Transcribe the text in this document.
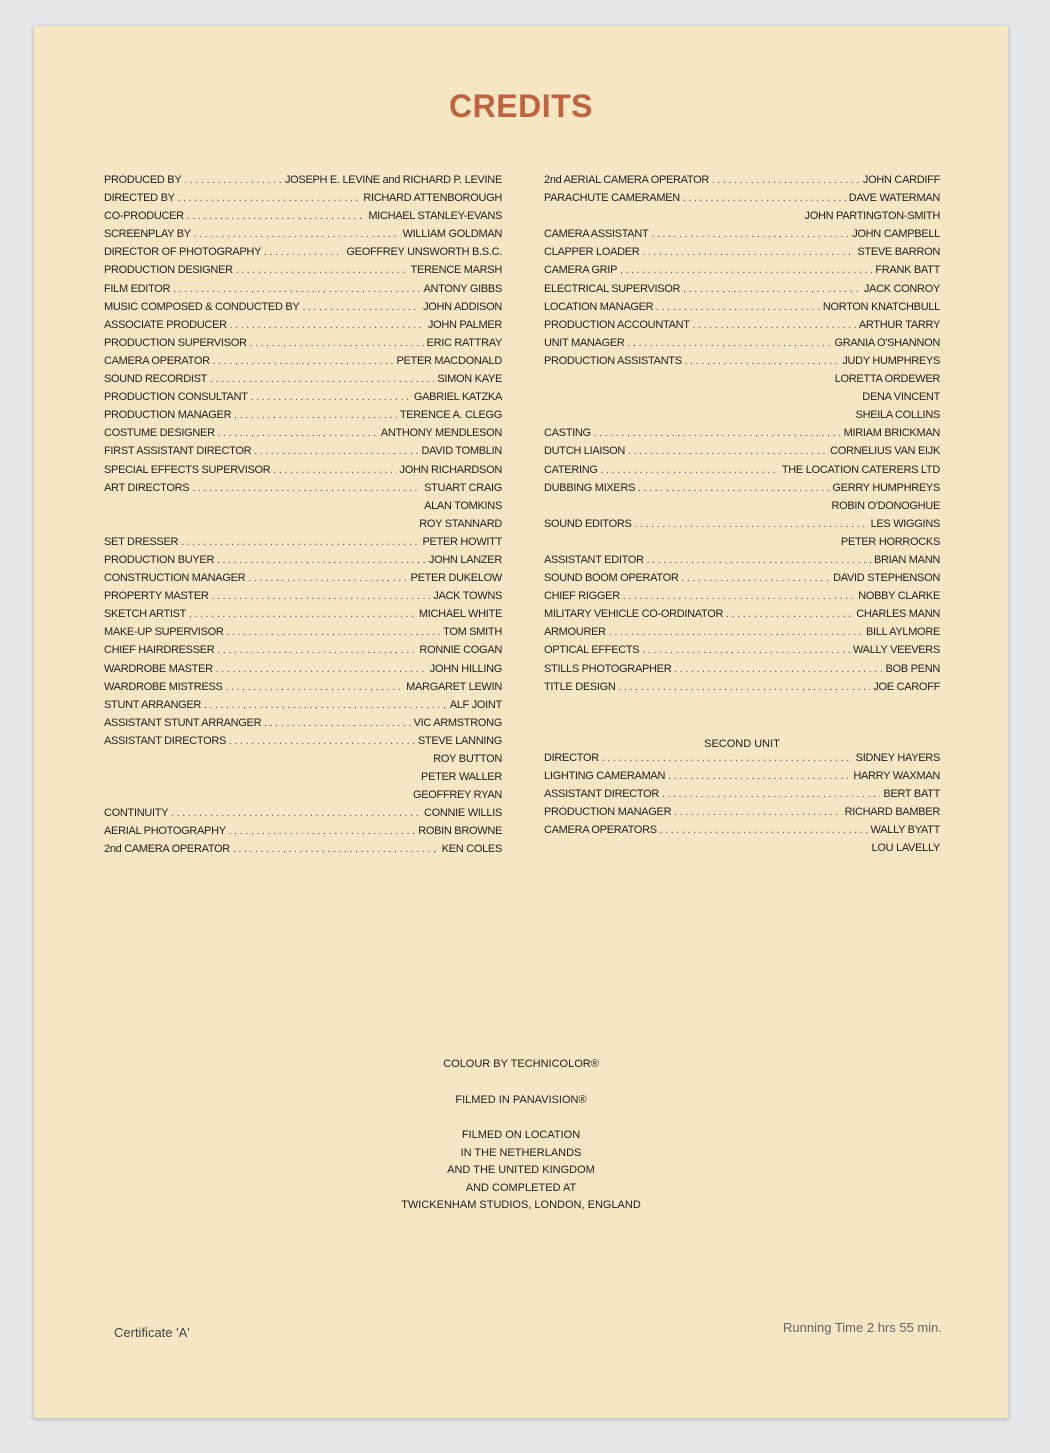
CREDITS
PRODUCED BY . . .	JOSEPH E. LEVINE and RICHARD P. LEVINE
DIRECTED BY . . .	RICHARD ATTENBOROUGH
CO-PRODUCER . . .	MICHAEL STANLEY-EVANS
SCREENPLAY BY . . .	WILLIAM GOLDMAN
DIRECTOR OF PHOTOGRAPHY . . .	GEOFFREY UNSWORTH B.S.C.
PRODUCTION DESIGNER . . .	TERENCE MARSH
FILM EDITOR . . .	ANTONY GIBBS
MUSIC COMPOSED & CONDUCTED BY . . .	JOHN ADDISON
ASSOCIATE PRODUCER . . .	JOHN PALMER
PRODUCTION SUPERVISOR . . .	ERIC RATTRAY
CAMERA OPERATOR . . .	PETER MACDONALD
SOUND RECORDIST . . .	SIMON KAYE
PRODUCTION CONSULTANT . . .	GABRIEL KATZKA
PRODUCTION MANAGER . . .	TERENCE A. CLEGG
COSTUME DESIGNER . . .	ANTHONY MENDLESON
FIRST ASSISTANT DIRECTOR . . .	DAVID TOMBLIN
SPECIAL EFFECTS SUPERVISOR . . .	JOHN RICHARDSON
ART DIRECTORS . . .	STUART CRAIG
ALAN TOMKINS
ROY STANNARD
SET DRESSER . . .	PETER HOWITT
PRODUCTION BUYER . . .	JOHN LANZER
CONSTRUCTION MANAGER . . .	PETER DUKELOW
PROPERTY MASTER . . .	JACK TOWNS
SKETCH ARTIST . . .	MICHAEL WHITE
MAKE-UP SUPERVISOR . . .	TOM SMITH
CHIEF HAIRDRESSER . . .	RONNIE COGAN
WARDROBE MASTER . . .	JOHN HILLING
WARDROBE MISTRESS . . .	MARGARET LEWIN
STUNT ARRANGER . . .	ALF JOINT
ASSISTANT STUNT ARRANGER . . .	VIC ARMSTRONG
ASSISTANT DIRECTORS . . .	STEVE LANNING
ROY BUTTON
PETER WALLER
GEOFFREY RYAN
CONTINUITY . . .	CONNIE WILLIS
AERIAL PHOTOGRAPHY . . .	ROBIN BROWNE
2nd CAMERA OPERATOR . . .	KEN COLES
2nd AERIAL CAMERA OPERATOR . . .	JOHN CARDIFF
PARACHUTE CAMERAMEN . . .	DAVE WATERMAN
JOHN PARTINGTON-SMITH
CAMERA ASSISTANT . . .	JOHN CAMPBELL
CLAPPER LOADER . . .	STEVE BARRON
CAMERA GRIP . . .	FRANK BATT
ELECTRICAL SUPERVISOR . . .	JACK CONROY
LOCATION MANAGER . . .	NORTON KNATCHBULL
PRODUCTION ACCOUNTANT . . .	ARTHUR TARRY
UNIT MANAGER . . .	GRANIA O'SHANNON
PRODUCTION ASSISTANTS . . .	JUDY HUMPHREYS
LORETTA ORDEWER
DENA VINCENT
SHEILA COLLINS
CASTING . . .	MIRIAM BRICKMAN
DUTCH LIAISON . . .	CORNELIUS VAN EIJK
CATERING . . .	THE LOCATION CATERERS LTD
DUBBING MIXERS . . .	GERRY HUMPHREYS
ROBIN O'DONOGHUE
SOUND EDITORS . . .	LES WIGGINS
PETER HORROCKS
ASSISTANT EDITOR . . .	BRIAN MANN
SOUND BOOM OPERATOR . . .	DAVID STEPHENSON
CHIEF RIGGER . . .	NOBBY CLARKE
MILITARY VEHICLE CO-ORDINATOR . . .	CHARLES MANN
ARMOURER . . .	BILL AYLMORE
OPTICAL EFFECTS . . .	WALLY VEEVERS
STILLS PHOTOGRAPHER . . .	BOB PENN
TITLE DESIGN . . .	JOE CAROFF
SECOND UNIT
DIRECTOR . . .	SIDNEY HAYERS
LIGHTING CAMERAMAN . . .	HARRY WAXMAN
ASSISTANT DIRECTOR . . .	BERT BATT
PRODUCTION MANAGER . . .	RICHARD BAMBER
CAMERA OPERATORS . . .	WALLY BYATT
LOU LAVELLY

COLOUR BY TECHNICOLOR®

FILMED IN PANAVISION®

FILMED ON LOCATION
IN THE NETHERLANDS
AND THE UNITED KINGDOM
AND COMPLETED AT
TWICKENHAM STUDIOS, LONDON, ENGLAND
Certificate 'A'	Running Time 2 hrs 55 min.
